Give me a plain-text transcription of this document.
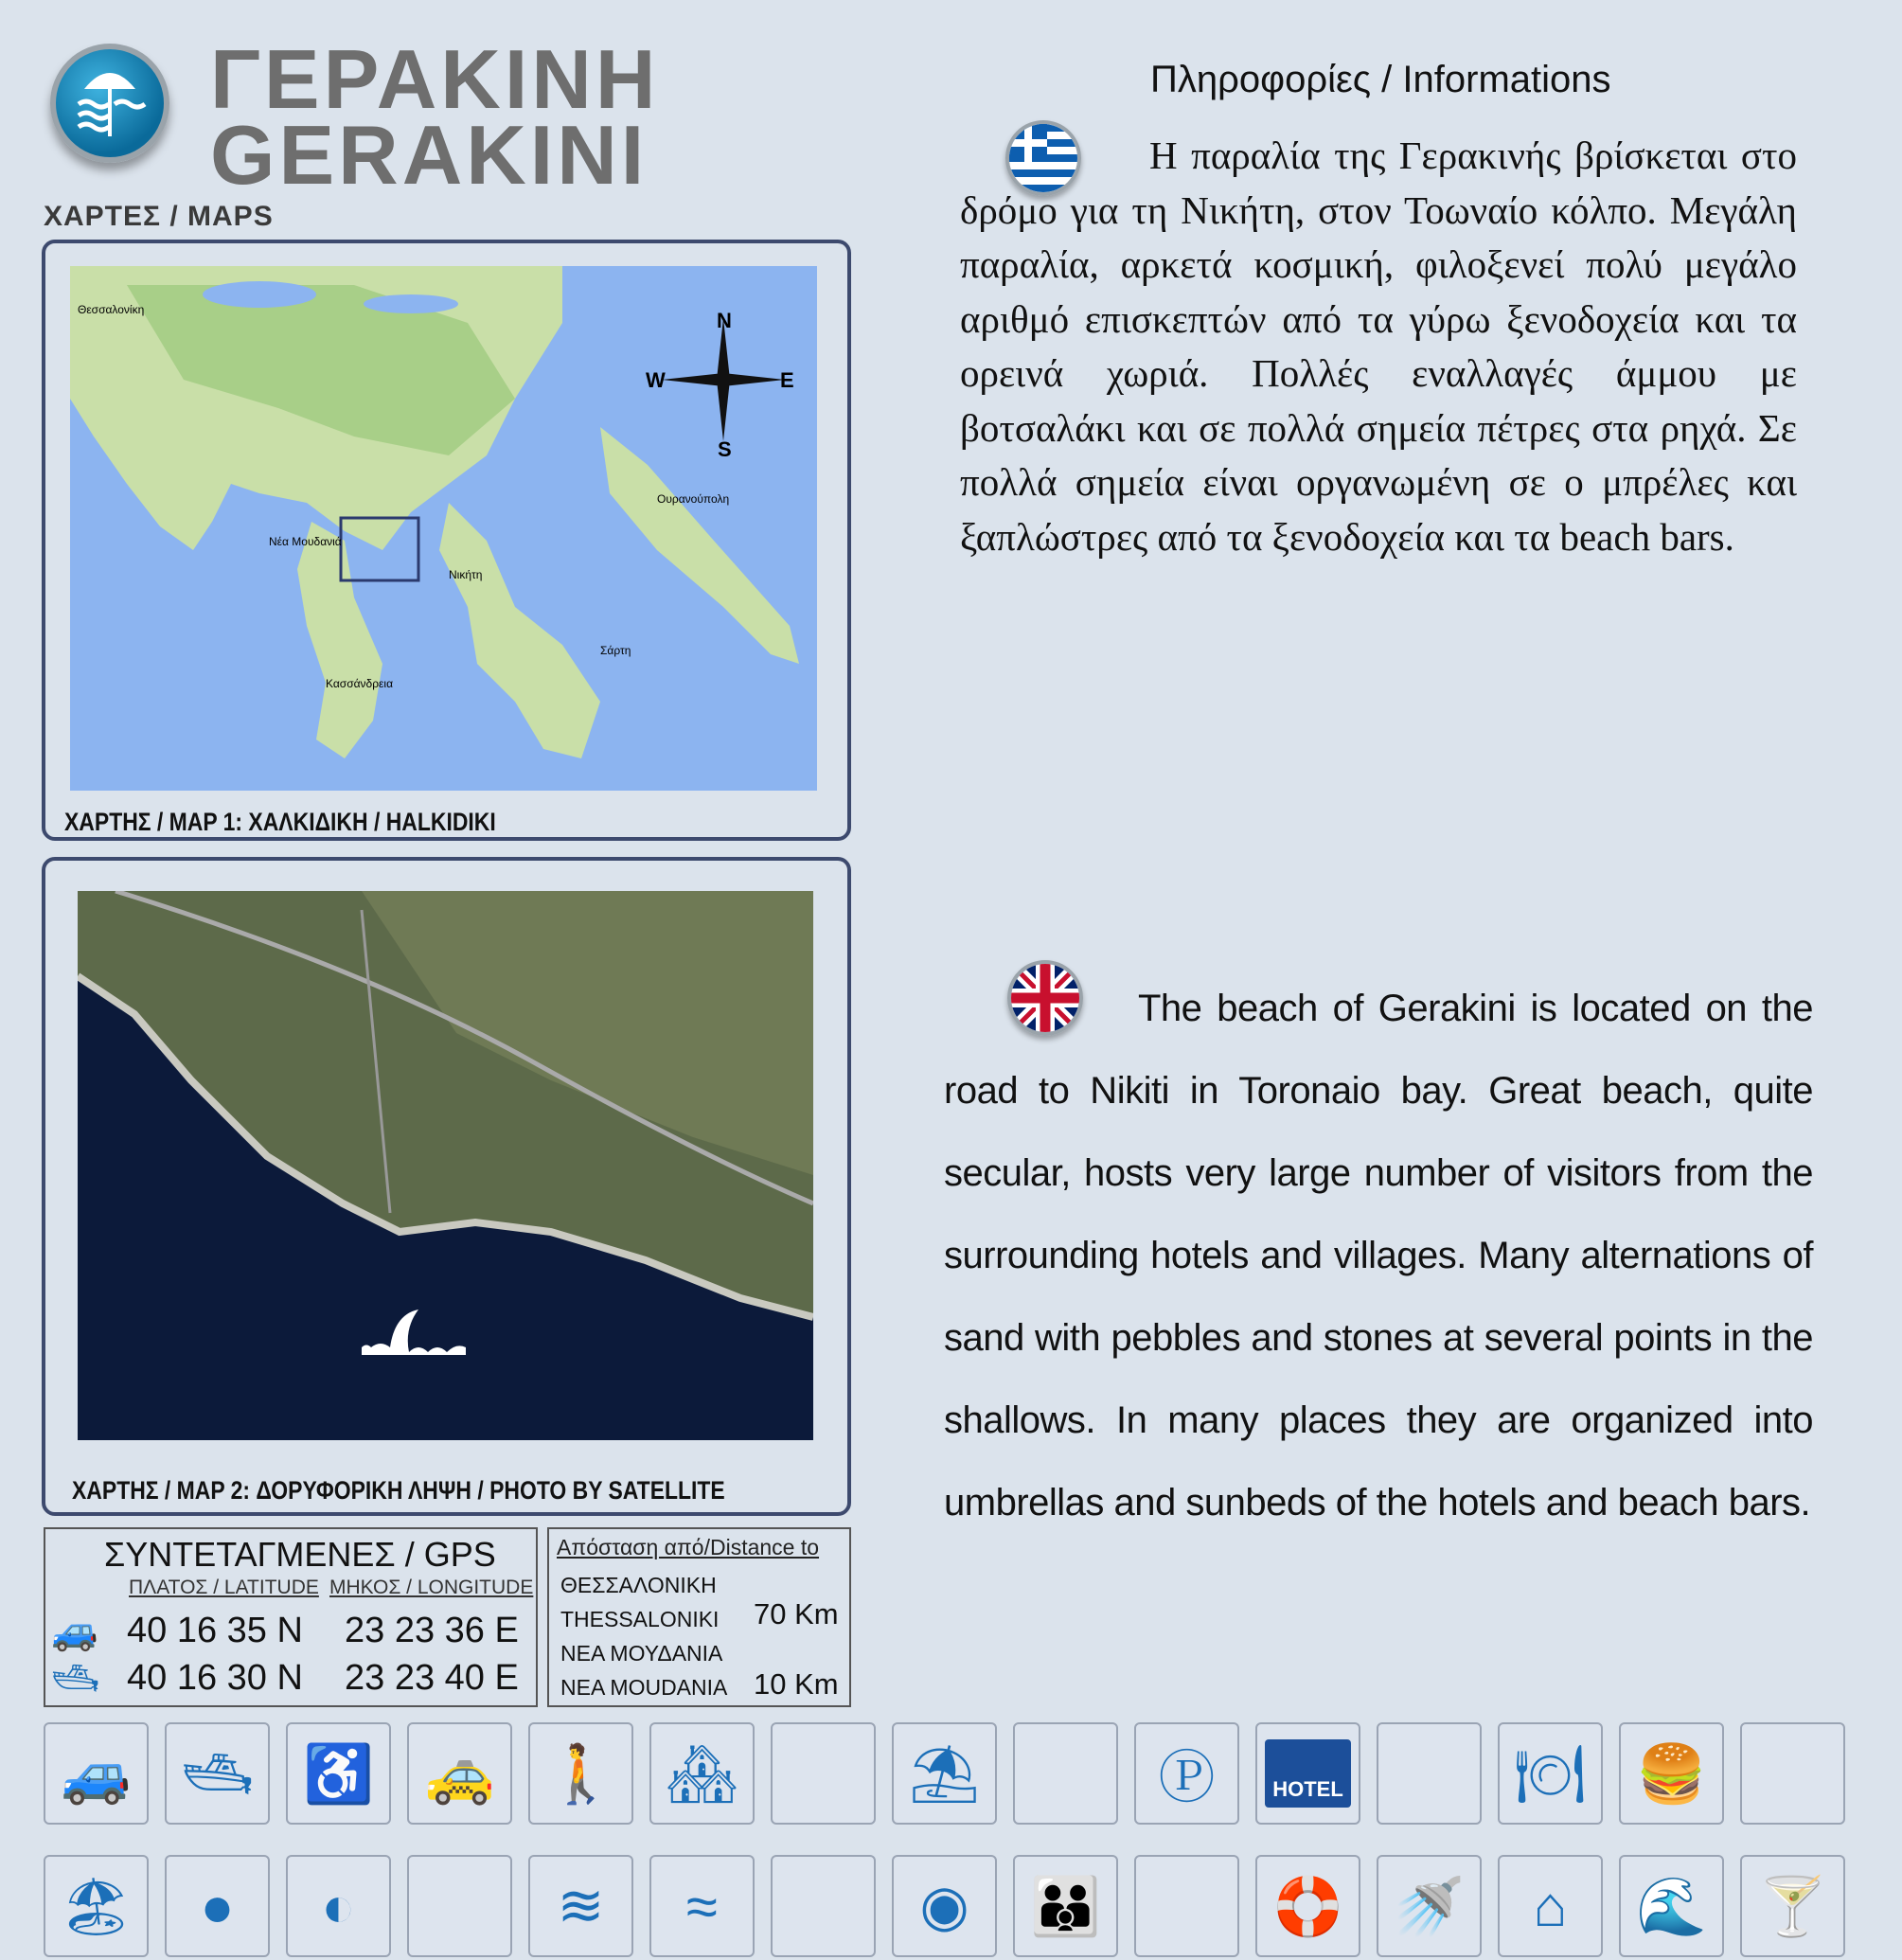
ΓΕΡΑΚΙΝΗ
GERAKINI
ΧΑΡΤΕΣ / MAPS
Θεσσαλονίκη
Νέα Μουδανιά
Νικήτη
Κασσάνδρεια
Σάρτη
Ουρανούπολη
N
S
E
W
ΧΑΡΤΗΣ / MAP 1: ΧΑΛΚΙΔΙΚΗ / HALKIDIKI
ΧΑΡΤΗΣ / MAP 2: ΔΟΡΥΦΟΡΙΚΗ ΛΗΨΗ / PHOTO BY SATELLITE
ΣΥΝΤΕΤΑΓΜΕΝΕΣ / GPS
ΠΛΑΤΟΣ / LATITUDE ΜΗΚΟΣ / LONGITUDE
🚙 40 16 35 N 23 23 36 E
🛥 40 16 30 N 23 23 40 E
Απόσταση από/Distance to
ΘΕΣΣΑΛΟΝΙΚΗ
THESSALONIKI 70 Km
ΝΕΑ ΜΟΥΔΑΝΙΑ
NEA MOUDANIA 10 Km
🚙 🛥 ♿ 🚕 🚶 🏘	⛱	Ⓟ	HOTEL	🍽 🍔
🏖 ● ◐	≋ ≈	◉ 👪	🛟 🚿 ⌂ 🌊 🍸
Πληροφορίες / Informations
Η παραλία της Γερακινής βρίσκεται στο δρόμο για τη Νικήτη, στον Τοωναίο κόλπο. Μεγάλη παραλία, αρκετά κοσμική, φιλοξενεί πολύ μεγάλο αριθμό επισκεπτών από τα γύρω ξενοδοχεία και τα ορεινά χωριά. Πολλές εναλλαγές άμμου με βοτσαλάκι και σε πολλά σημεία πέτρες στα ρηχά. Σε πολλά σημεία είναι οργανωμένη σε ο μπρέλες και ξαπλώστρες από τα ξενοδοχεία και τα beach bars.
The beach of Gerakini is located on the road to Nikiti in Toronaio bay. Great beach, quite secular, hosts very large number of visitors from the surrounding hotels and villages. Many alternations of sand with pebbles and stones at several points in the shallows. In many places they are organized into umbrellas and sunbeds of the hotels and beach bars.
